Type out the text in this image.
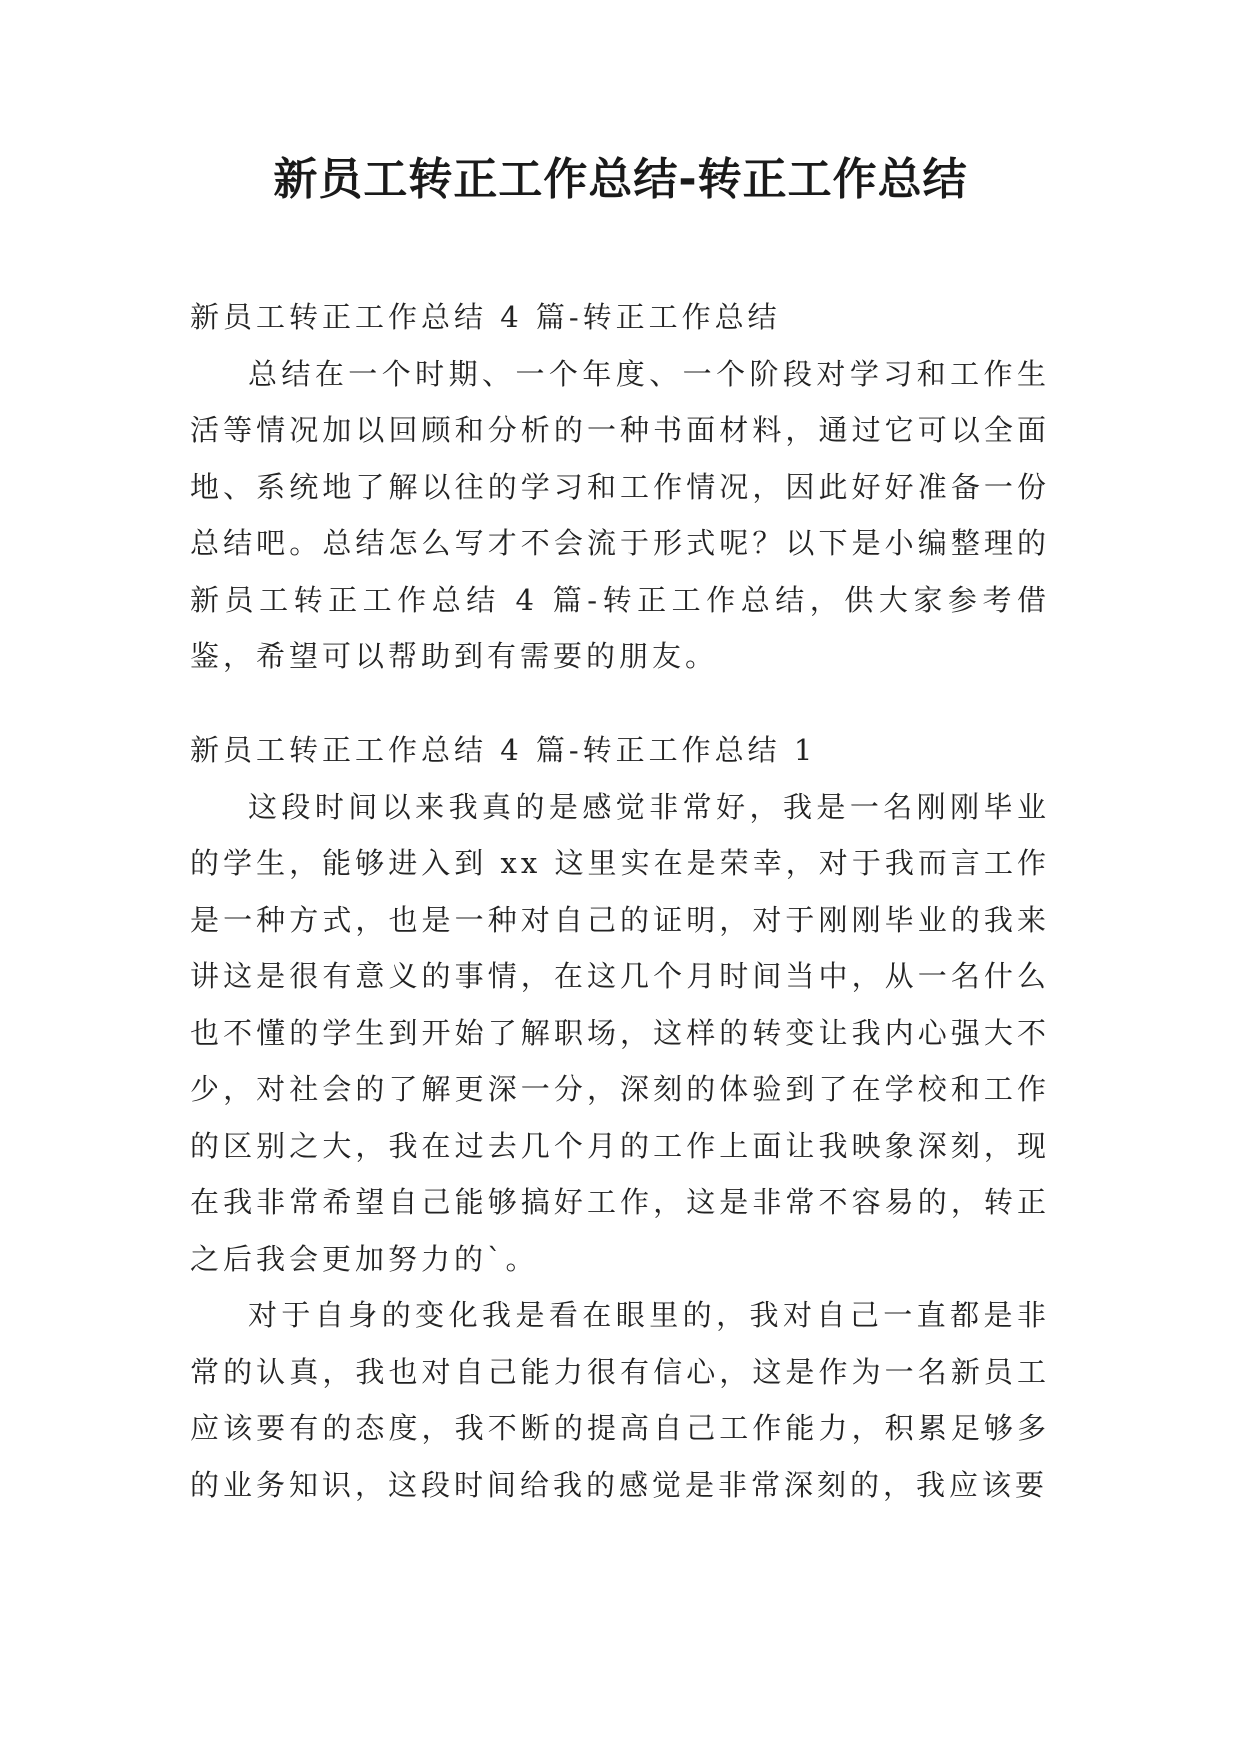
新员工转正工作总结-转正工作总结

新员工转正工作总结 4 篇-转正工作总结

总结在一个时期、一个年度、一个阶段对学习和工作生活等情况加以回顾和分析的一种书面材料，通过它可以全面地、系统地了解以往的学习和工作情况，因此好好准备一份总结吧。总结怎么写才不会流于形式呢？以下是小编整理的新员工转正工作总结 4 篇-转正工作总结，供大家参考借鉴，希望可以帮助到有需要的朋友。

新员工转正工作总结 4 篇-转正工作总结 1

这段时间以来我真的是感觉非常好，我是一名刚刚毕业的学生，能够进入到 xx 这里实在是荣幸，对于我而言工作是一种方式，也是一种对自己的证明，对于刚刚毕业的我来讲这是很有意义的事情，在这几个月时间当中，从一名什么也不懂的学生到开始了解职场，这样的转变让我内心强大不少，对社会的了解更深一分，深刻的体验到了在学校和工作的区别之大，我在过去几个月的工作上面让我映象深刻，现在我非常希望自己能够搞好工作，这是非常不容易的，转正之后我会更加努力的`。

对于自身的变化我是看在眼里的，我对自己一直都是非常的认真，我也对自己能力很有信心，这是作为一名新员工应该要有的态度，我不断的提高自己工作能力，积累足够多的业务知识，这段时间给我的感觉是非常深刻的，我应该要
